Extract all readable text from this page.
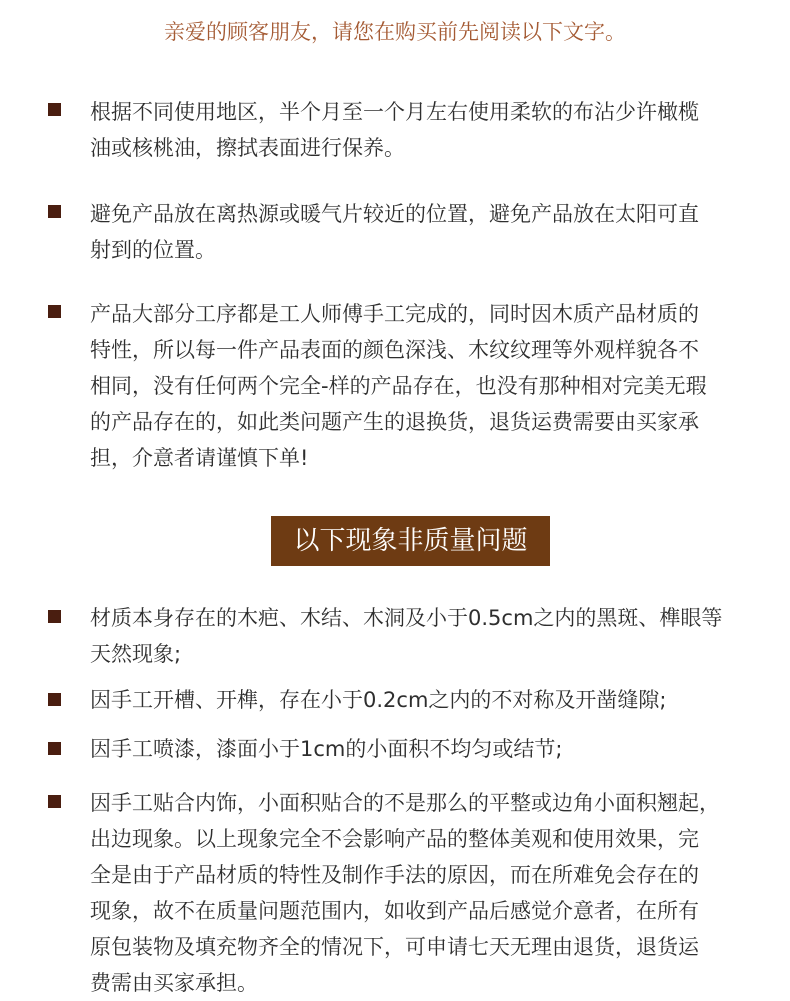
亲爱的顾客朋友，请您在购买前先阅读以下文字。
根据不同使用地区，半个月至一个月左右使用柔软的布沾少许橄榄
油或核桃油，擦拭表面进行保养。
避免产品放在离热源或暖气片较近的位置，避免产品放在太阳可直
射到的位置。
产品大部分工序都是工人师傅手工完成的，同时因木质产品材质的
特性，所以每一件产品表面的颜色深浅、木纹纹理等外观样貌各不
相同，没有任何两个完全-样的产品存在，也没有那种相对完美无瑕
的产品存在的，如此类问题产生的退换货，退货运费需要由买家承
担，介意者请谨慎下单!
以下现象非质量问题
材质本身存在的木疤、木结、木洞及小于0.5cm之内的黑斑、榫眼等
天然现象;
因手工开槽、开榫，存在小于0.2cm之内的不对称及开凿缝隙;
因手工喷漆，漆面小于1cm的小面积不均匀或结节;
因手工贴合内饰，小面积贴合的不是那么的平整或边角小面积翘起，
出边现象。以上现象完全不会影响产品的整体美观和使用效果，完
全是由于产品材质的特性及制作手法的原因，而在所难免会存在的
现象，故不在质量问题范围内，如收到产品后感觉介意者，在所有
原包装物及填充物齐全的情况下，可申请七天无理由退货，退货运
费需由买家承担。
